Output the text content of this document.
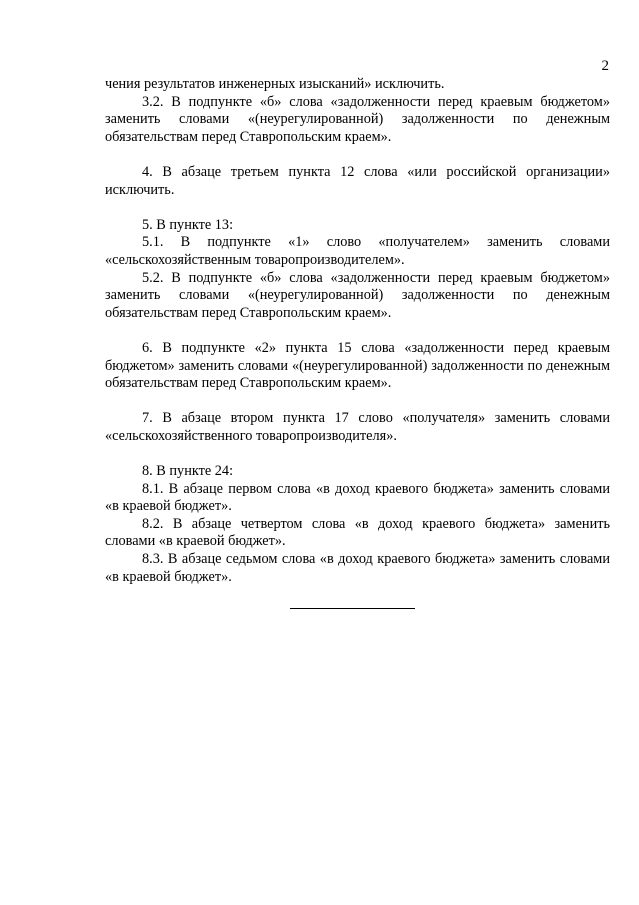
2

чения результатов инженерных изысканий» исключить.

3.2. В подпункте «б» слова «задолженности перед краевым бюджетом» заменить словами «(неурегулированной) задолженности по денежным обязательствам перед Ставропольским краем».

4. В абзаце третьем пункта 12 слова «или российской организации» исключить.

5. В пункте 13:

5.1. В подпункте «1» слово «получателем» заменить словами «сельскохозяйственным товаропроизводителем».

5.2. В подпункте «б» слова «задолженности перед краевым бюджетом» заменить словами «(неурегулированной) задолженности по денежным обязательствам перед Ставропольским краем».

6. В подпункте «2» пункта 15 слова «задолженности перед краевым бюджетом» заменить словами «(неурегулированной) задолженности по денежным обязательствам перед Ставропольским краем».

7. В абзаце втором пункта 17 слово «получателя» заменить словами «сельскохозяйственного товаропроизводителя».

8. В пункте 24:

8.1. В абзаце первом слова «в доход краевого бюджета» заменить словами «в краевой бюджет».

8.2. В абзаце четвертом слова «в доход краевого бюджета» заменить словами «в краевой бюджет».

8.3. В абзаце седьмом слова «в доход краевого бюджета» заменить словами «в краевой бюджет».
